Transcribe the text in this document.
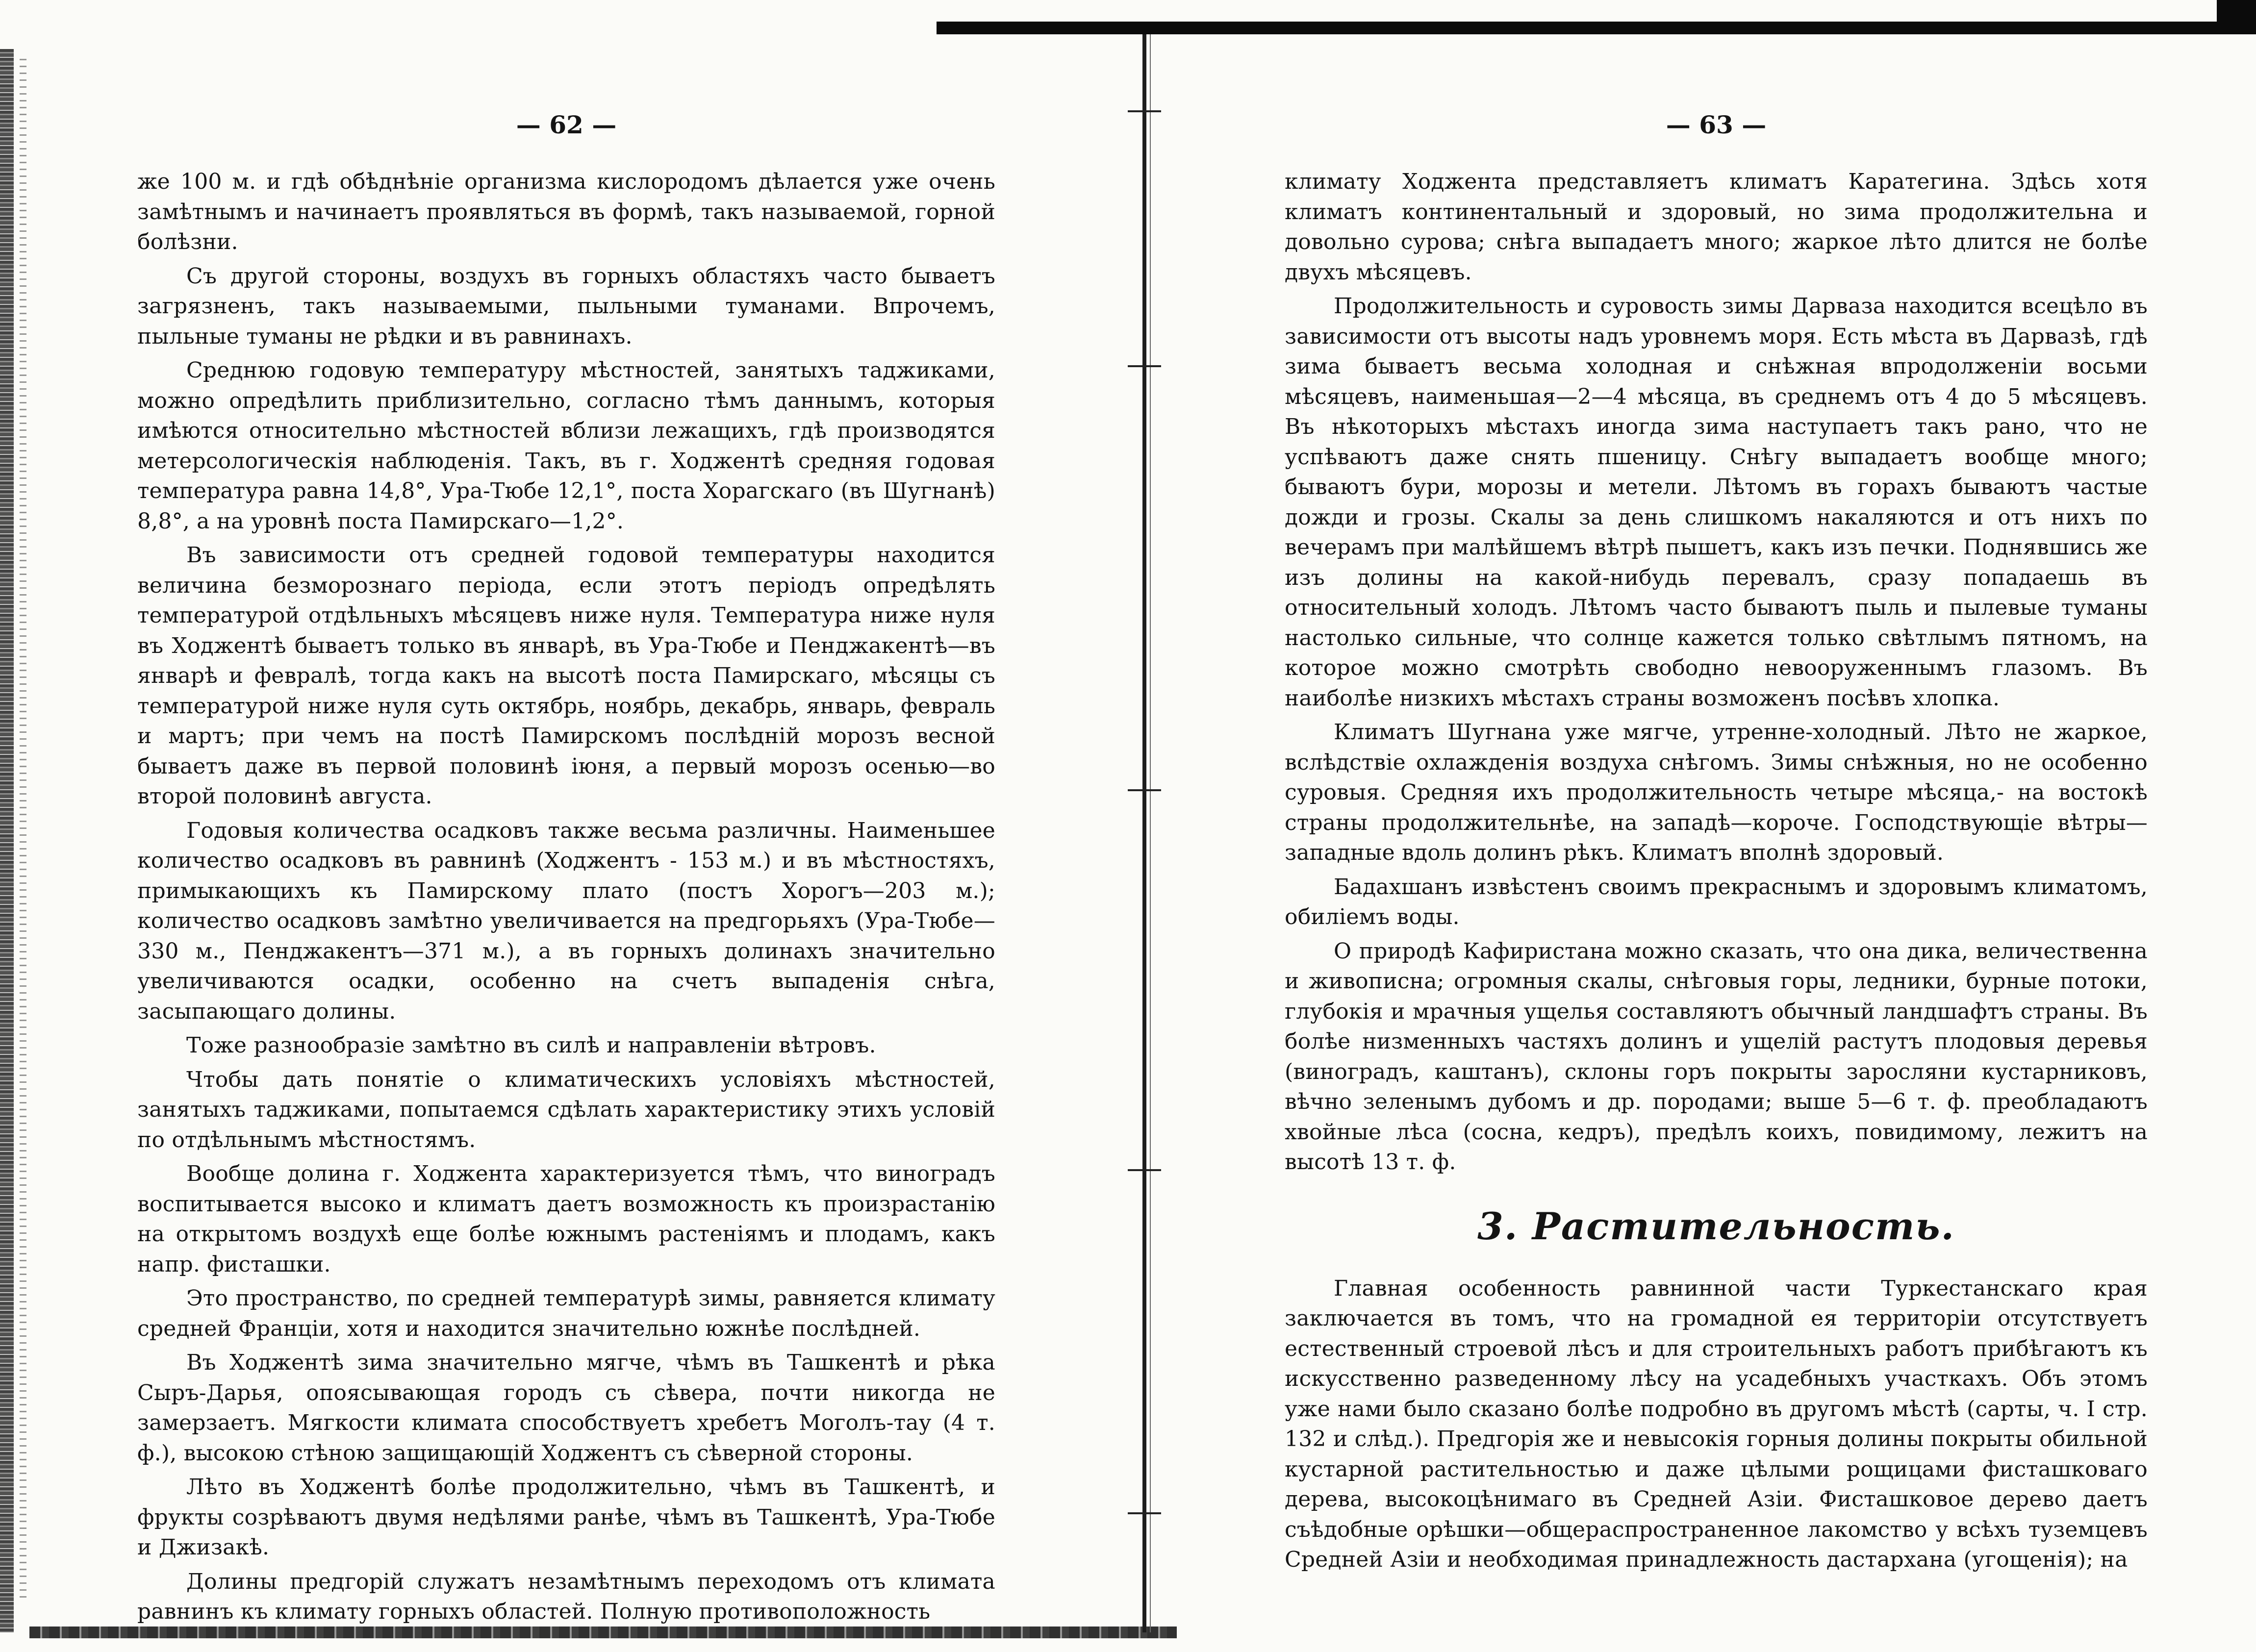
— 62 —

же 100 м. и гдѣ обѣднѣніе организма кислородомъ дѣлается уже очень замѣтнымъ и начинаетъ проявляться въ формѣ, такъ называемой, горной болѣзни.

Съ другой стороны, воздухъ въ горныхъ областяхъ часто бываетъ загрязненъ, такъ называемыми, пыльными туманами. Впрочемъ, пыльные туманы не рѣдки и въ равнинахъ.

Среднюю годовую температуру мѣстностей, занятыхъ таджиками, можно опредѣлить приблизительно, согласно тѣмъ даннымъ, которыя имѣются относительно мѣстностей вблизи лежащихъ, гдѣ производятся метерсологическія наблюденія. Такъ, въ г. Ходжентѣ средняя годовая температура равна 14,8°, Ура-Тюбе 12,1°, поста Хорагскаго (въ Шугнанѣ) 8,8°, а на уровнѣ поста Памирскаго—1,2°.

Въ зависимости отъ средней годовой температуры находится величина безморознаго періода, если этотъ періодъ опредѣлять температурой отдѣльныхъ мѣсяцевъ ниже нуля. Температура ниже нуля въ Ходжентѣ бываетъ только въ январѣ, въ Ура-Тюбе и Пенджакентѣ—въ январѣ и февралѣ, тогда какъ на высотѣ поста Памирскаго, мѣсяцы съ температурой ниже нуля суть октябрь, ноябрь, декабрь, январь, февраль и мартъ; при чемъ на постѣ Памирскомъ послѣдній морозъ весной бываетъ даже въ первой половинѣ іюня, а первый морозъ осенью—во второй половинѣ августа.

Годовыя количества осадковъ также весьма различны. Наименьшее количество осадковъ въ равнинѣ (Ходжентъ - 153 м.) и въ мѣстностяхъ, примыкающихъ къ Памирскому плато (постъ Хорогъ—203 м.); количество осадковъ замѣтно увеличивается на предгорьяхъ (Ура-Тюбе—330 м., Пенджакентъ—371 м.), а въ горныхъ долинахъ значительно увеличиваются осадки, особенно на счетъ выпаденія снѣга, засыпающаго долины.

Тоже разнообразіе замѣтно въ силѣ и направленіи вѣтровъ.

Чтобы дать понятіе о климатическихъ условіяхъ мѣстностей, занятыхъ таджиками, попытаемся сдѣлать характеристику этихъ условій по отдѣльнымъ мѣстностямъ.

Вообще долина г. Ходжента характеризуется тѣмъ, что виноградъ воспитывается высоко и климатъ даетъ возможность къ произрастанію на открытомъ воздухѣ еще болѣе южнымъ растеніямъ и плодамъ, какъ напр. фисташки.

Это пространство, по средней температурѣ зимы, равняется климату средней Франціи, хотя и находится значительно южнѣе послѣдней.

Въ Ходжентѣ зима значительно мягче, чѣмъ въ Ташкентѣ и рѣка Сыръ-Дарья, опоясывающая городъ съ сѣвера, почти никогда не замерзаетъ. Мягкости климата способствуетъ хребетъ Моголъ-тау (4 т. ф.), высокою стѣною защищающій Ходжентъ съ сѣверной стороны.

Лѣто въ Ходжентѣ болѣе продолжительно, чѣмъ въ Ташкентѣ, и фрукты созрѣваютъ двумя недѣлями ранѣе, чѣмъ въ Ташкентѣ, Ура-Тюбе и Джизакѣ.

Долины предгорій служатъ незамѣтнымъ переходомъ отъ климата равнинъ къ климату горныхъ областей. Полную противоположность

— 63 —

климату Ходжента представляетъ климатъ Каратегина. Здѣсь хотя климатъ континентальный и здоровый, но зима продолжительна и довольно сурова; снѣга выпадаетъ много; жаркое лѣто длится не болѣе двухъ мѣсяцевъ.

Продолжительность и суровость зимы Дарваза находится всецѣло въ зависимости отъ высоты надъ уровнемъ моря. Есть мѣста въ Дарвазѣ, гдѣ зима бываетъ весьма холодная и снѣжная впродолженіи восьми мѣсяцевъ, наименьшая—2—4 мѣсяца, въ среднемъ отъ 4 до 5 мѣсяцевъ. Въ нѣкоторыхъ мѣстахъ иногда зима наступаетъ такъ рано, что не успѣваютъ даже снять пшеницу. Снѣгу выпадаетъ вообще много; бываютъ бури, морозы и метели. Лѣтомъ въ горахъ бываютъ частые дожди и грозы. Скалы за день слишкомъ накаляются и отъ нихъ по вечерамъ при малѣйшемъ вѣтрѣ пышетъ, какъ изъ печки. Поднявшись же изъ долины на какой-нибудь перевалъ, сразу попадаешь въ относительный холодъ. Лѣтомъ часто бываютъ пыль и пылевые туманы настолько сильные, что солнце кажется только свѣтлымъ пятномъ, на которое можно смотрѣть свободно невооруженнымъ глазомъ. Въ наиболѣе низкихъ мѣстахъ страны возможенъ посѣвъ хлопка.

Климатъ Шугнана уже мягче, утренне-холодный. Лѣто не жаркое, вслѣдствіе охлажденія воздуха снѣгомъ. Зимы снѣжныя, но не особенно суровыя. Средняя ихъ продолжительность четыре мѣсяца,- на востокѣ страны продолжительнѣе, на западѣ—короче. Господствующіе вѣтры—западные вдоль долинъ рѣкъ. Климатъ вполнѣ здоровый.

Бадахшанъ извѣстенъ своимъ прекраснымъ и здоровымъ климатомъ, обиліемъ воды.

О природѣ Кафиристана можно сказать, что она дика, величественна и живописна; огромныя скалы, снѣговыя горы, ледники, бурные потоки, глубокія и мрачныя ущелья составляютъ обычный ландшафтъ страны. Въ болѣе низменныхъ частяхъ долинъ и ущелій растутъ плодовыя деревья (виноградъ, каштанъ), склоны горъ покрыты заросляни кустарниковъ, вѣчно зеленымъ дубомъ и др. породами; выше 5—6 т. ф. преобладаютъ хвойные лѣса (сосна, кедръ), предѣлъ коихъ, повидимому, лежитъ на высотѣ 13 т. ф.

3. Растительность.

Главная особенность равнинной части Туркестанскаго края заключается въ томъ, что на громадной ея территоріи отсутствуетъ естественный строевой лѣсъ и для строительныхъ работъ прибѣгаютъ къ искусственно разведенному лѣсу на усадебныхъ участкахъ. Объ этомъ уже нами было сказано болѣе подробно въ другомъ мѣстѣ (сарты, ч. I стр. 132 и слѣд.). Предгорія же и невысокія горныя долины покрыты обильной кустарной растительностью и даже цѣлыми рощицами фисташковаго дерева, высокоцѣнимаго въ Средней Азіи. Фисташковое дерево даетъ съѣдобные орѣшки—общераспространенное лакомство у всѣхъ туземцевъ Средней Азіи и необходимая принадлежность дастархана (угощенія); на
